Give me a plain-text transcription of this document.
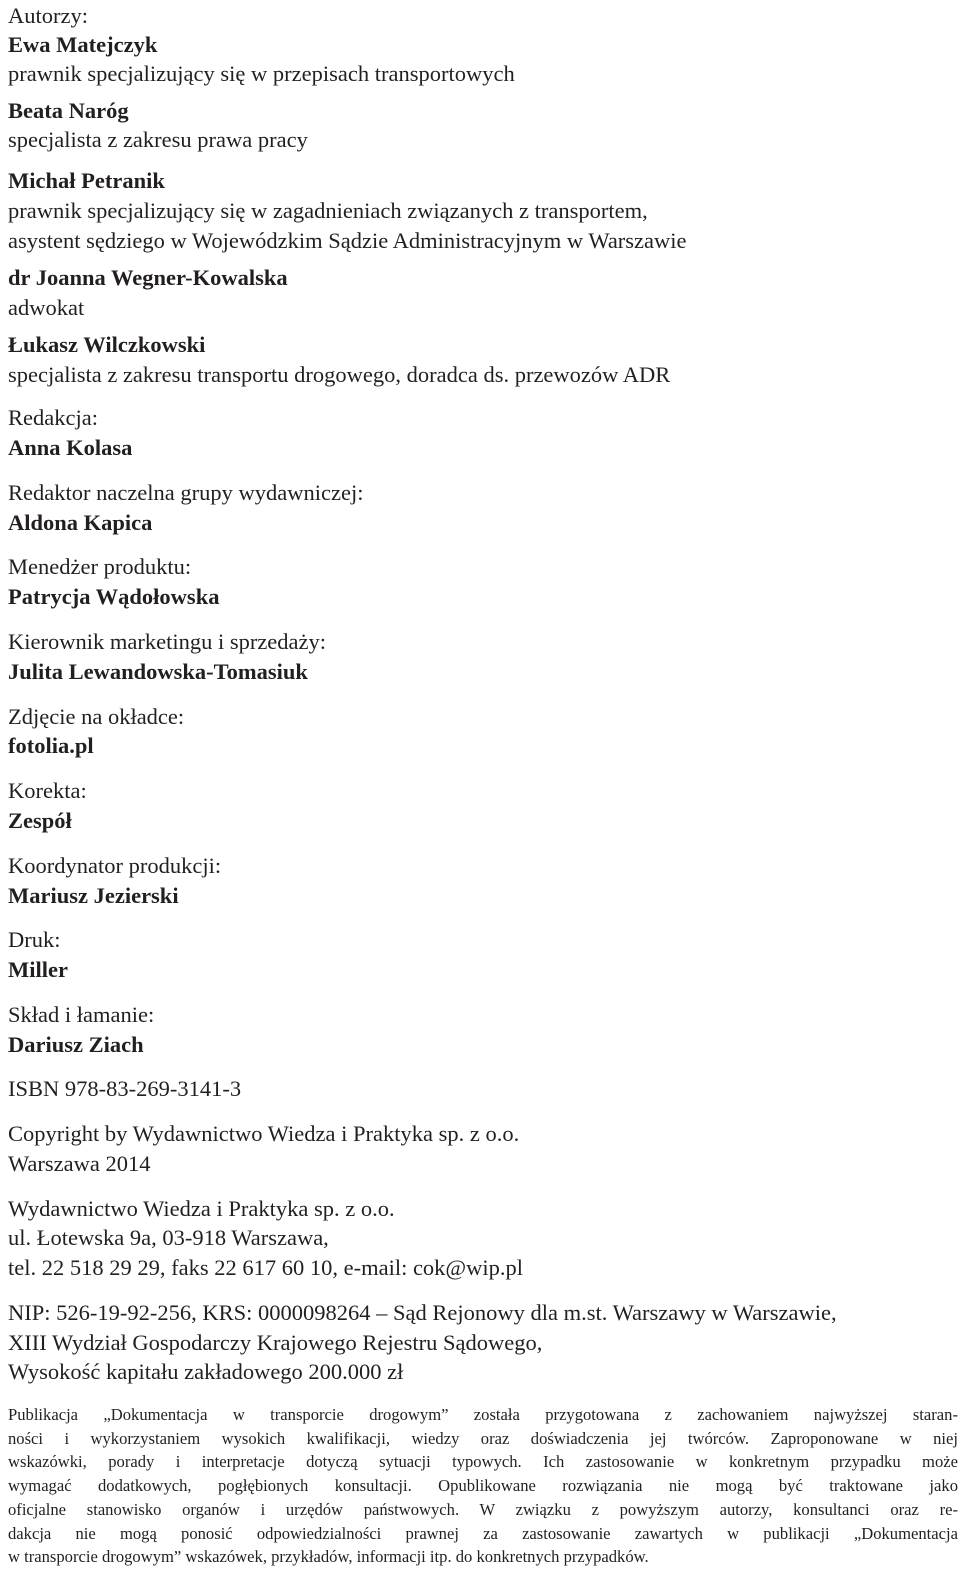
Autorzy:

Ewa Matejczyk

prawnik specjalizujący się w przepisach transportowych

Beata Naróg

specjalista z zakresu prawa pracy

Michał Petranik

prawnik specjalizujący się w zagadnieniach związanych z transportem,

asystent sędziego w Wojewódzkim Sądzie Administracyjnym w Warszawie

dr Joanna Wegner-Kowalska

adwokat

Łukasz Wilczkowski

specjalista z zakresu transportu drogowego, doradca ds. przewozów ADR

Redakcja:

Anna Kolasa

Redaktor naczelna grupy wydawniczej:

Aldona Kapica

Menedżer produktu:

Patrycja Wądołowska

Kierownik marketingu i sprzedaży:

Julita Lewandowska-Tomasiuk

Zdjęcie na okładce:

fotolia.pl

Korekta:

Zespół

Koordynator produkcji:

Mariusz Jezierski

Druk:

Miller

Skład i łamanie:

Dariusz Ziach

ISBN 978-83-269-3141-3

Copyright by Wydawnictwo Wiedza i Praktyka sp. z o.o.

Warszawa 2014

Wydawnictwo Wiedza i Praktyka sp. z o.o.

ul. Łotewska 9a, 03-918 Warszawa,

tel. 22 518 29 29, faks 22 617 60 10, e-mail: cok@wip.pl

NIP: 526-19-92-256, KRS: 0000098264 – Sąd Rejonowy dla m.st. Warszawy w Warszawie,

XIII Wydział Gospodarczy Krajowego Rejestru Sądowego,

Wysokość kapitału zakładowego 200.000 zł

Publikacja „Dokumentacja w transporcie drogowym” została przygotowana z zachowaniem najwyższej staran-
ności i wykorzystaniem wysokich kwalifikacji, wiedzy oraz doświadczenia jej twórców. Zaproponowane w niej
wskazówki, porady i interpretacje dotyczą sytuacji typowych. Ich zastosowanie w konkretnym przypadku może
wymagać dodatkowych, pogłębionych konsultacji. Opublikowane rozwiązania nie mogą być traktowane jako
oficjalne stanowisko organów i urzędów państwowych. W związku z powyższym autorzy, konsultanci oraz re-
dakcja nie mogą ponosić odpowiedzialności prawnej za zastosowanie zawartych w publikacji „Dokumentacja
w transporcie drogowym” wskazówek, przykładów, informacji itp. do konkretnych przypadków.
